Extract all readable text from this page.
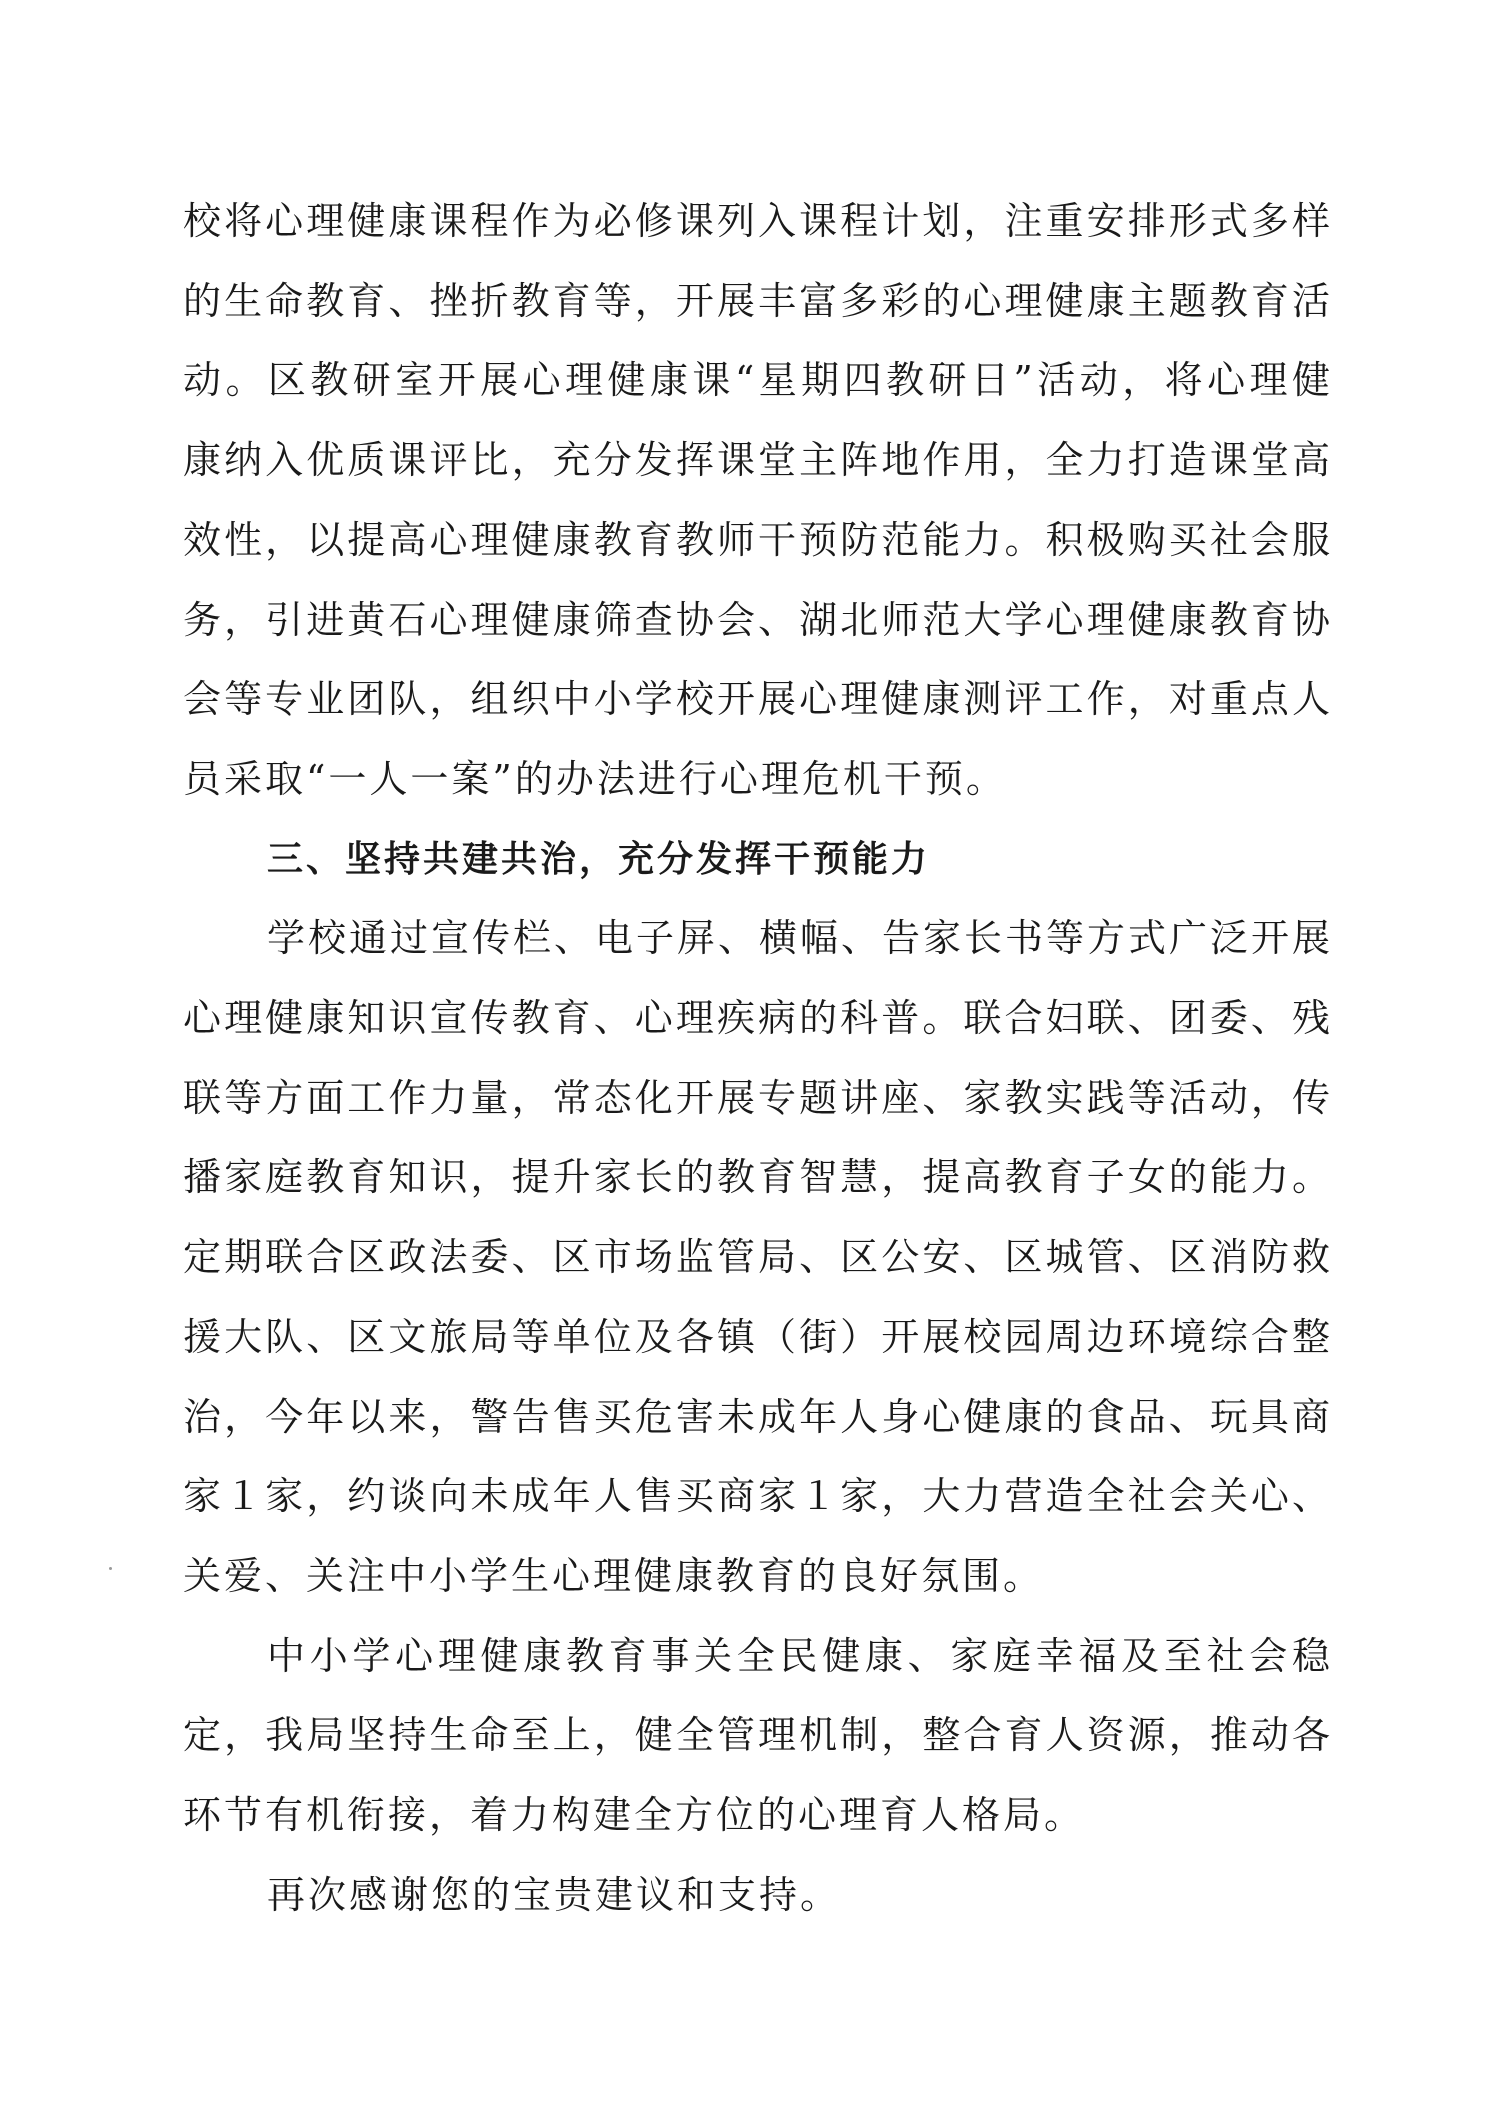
校将心理健康课程作为必修课列入课程计划，注重安排形式多样的生命教育、挫折教育等，开展丰富多彩的心理健康主题教育活动。区教研室开展心理健康课“星期四教研日”活动，将心理健康纳入优质课评比，充分发挥课堂主阵地作用，全力打造课堂高效性，以提高心理健康教育教师干预防范能力。积极购买社会服务，引进黄石心理健康筛查协会、湖北师范大学心理健康教育协会等专业团队，组织中小学校开展心理健康测评工作，对重点人员采取“一人一案”的办法进行心理危机干预。

三、坚持共建共治，充分发挥干预能力

学校通过宣传栏、电子屏、横幅、告家长书等方式广泛开展心理健康知识宣传教育、心理疾病的科普。联合妇联、团委、残联等方面工作力量，常态化开展专题讲座、家教实践等活动，传播家庭教育知识，提升家长的教育智慧，提高教育子女的能力。定期联合区政法委、区市场监管局、区公安、区城管、区消防救援大队、区文旅局等单位及各镇（街）开展校园周边环境综合整治，今年以来，警告售买危害未成年人身心健康的食品、玩具商家１家，约谈向未成年人售买商家１家，大力营造全社会关心、关爱、关注中小学生心理健康教育的良好氛围。

中小学心理健康教育事关全民健康、家庭幸福及至社会稳定，我局坚持生命至上，健全管理机制，整合育人资源，推动各环节有机衔接，着力构建全方位的心理育人格局。

再次感谢您的宝贵建议和支持。
